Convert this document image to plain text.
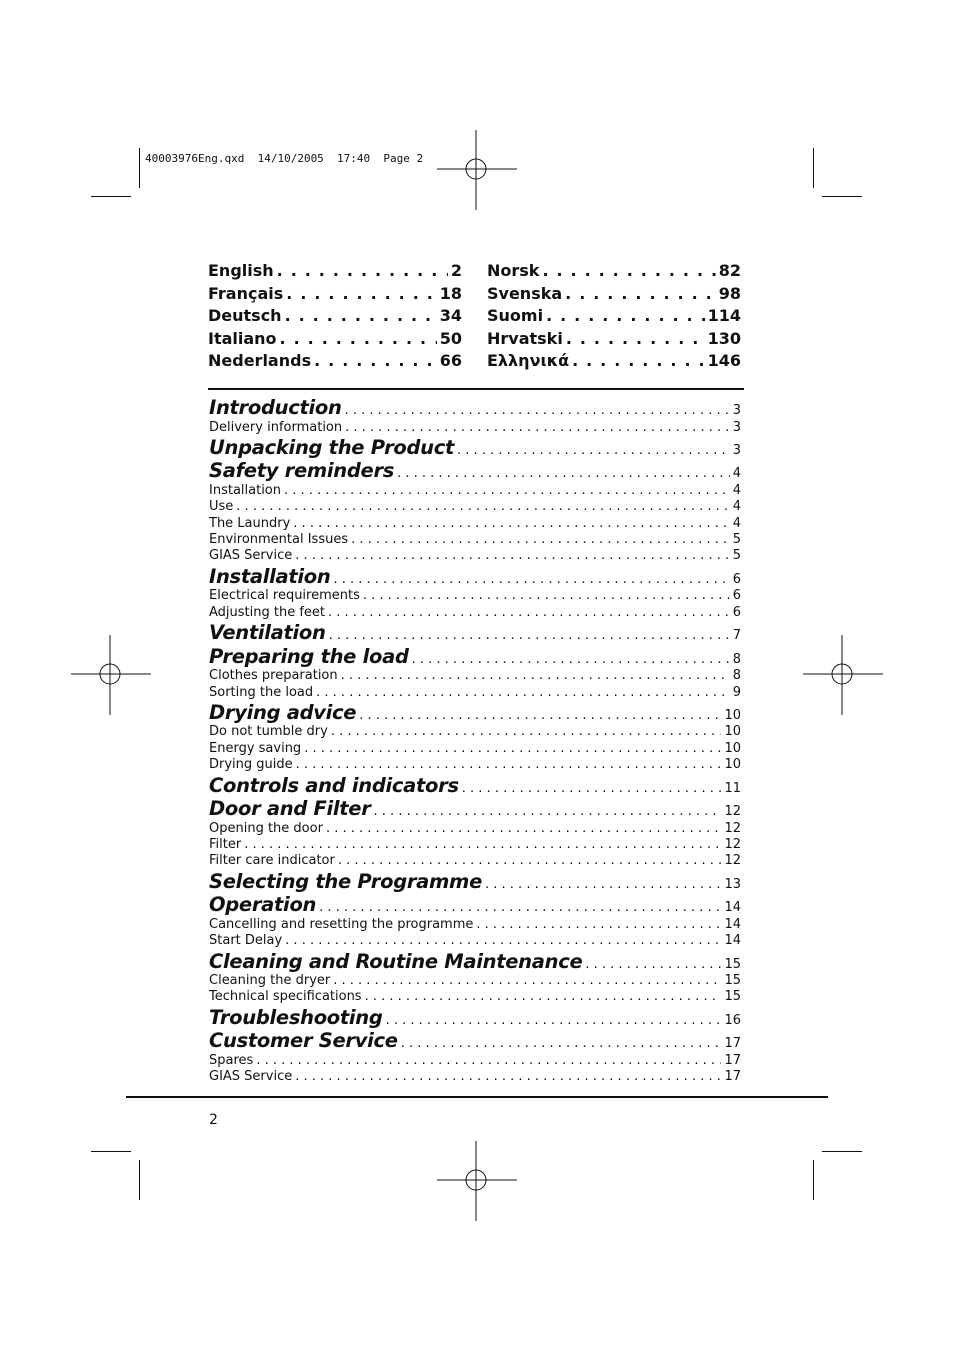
40003976Eng.qxd  14/10/2005  17:40  Page 2
English . . .	2
Français . . .	18
Deutsch . . .	34
Italiano . . .	50
Nederlands . . .	66
Norsk . . .	82
Svenska . . .	98
Suomi . . .	114
Hrvatski . . .	130
Ελληνικά . . .	146
Introduction . . .	3
Delivery information . . .	3
Unpacking the Product . . .	3
Safety reminders . . .	4
Installation . . .	4
Use . . .	4
The Laundry . . .	4
Environmental Issues . . .	5
GIAS Service . . .	5
Installation . . .	6
Electrical requirements . . .	6
Adjusting the feet . . .	6
Ventilation . . .	7
Preparing the load . . .	8
Clothes preparation . . .	8
Sorting the load . . .	9
Drying advice . . .	10
Do not tumble dry . . .	10
Energy saving . . .	10
Drying guide . . .	10
Controls and indicators . . .	11
Door and Filter . . .	12
Opening the door . . .	12
Filter . . .	12
Filter care indicator . . .	12
Selecting the Programme . . .	13
Operation . . .	14
Cancelling and resetting the programme . . .	14
Start Delay . . .	14
Cleaning and Routine Maintenance . . .	15
Cleaning the dryer . . .	15
Technical specifications . . .	15
Troubleshooting . . .	16
Customer Service . . .	17
Spares . . .	17
GIAS Service . . .	17
2
